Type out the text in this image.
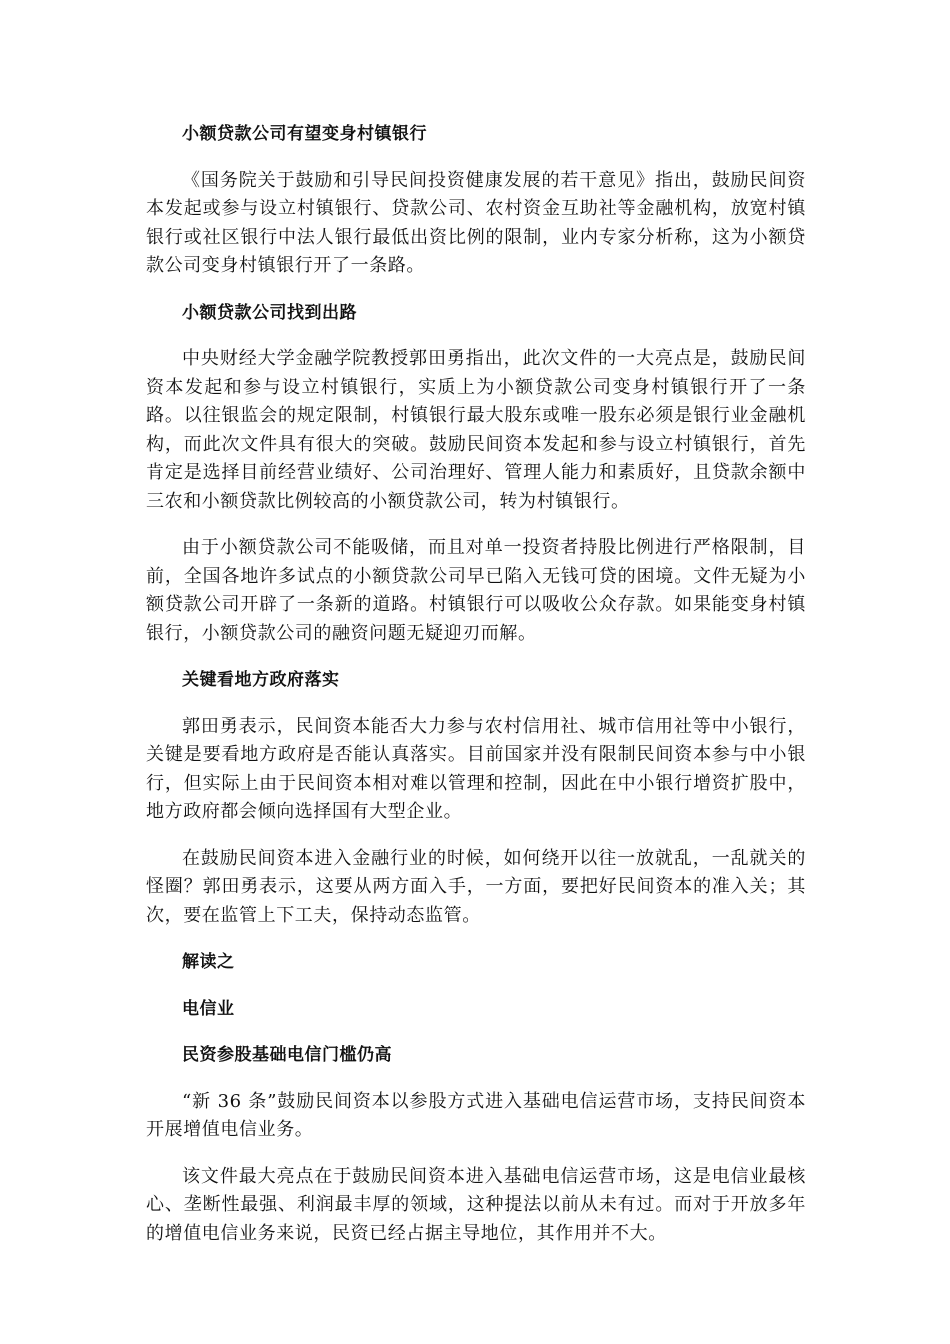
小额贷款公司有望变身村镇银行
《国务院关于鼓励和引导民间投资健康发展的若干意见》指出，鼓励民间资本发起或参与设立村镇银行、贷款公司、农村资金互助社等金融机构，放宽村镇银行或社区银行中法人银行最低出资比例的限制，业内专家分析称，这为小额贷款公司变身村镇银行开了一条路。
小额贷款公司找到出路
中央财经大学金融学院教授郭田勇指出，此次文件的一大亮点是，鼓励民间资本发起和参与设立村镇银行，实质上为小额贷款公司变身村镇银行开了一条路。以往银监会的规定限制，村镇银行最大股东或唯一股东必须是银行业金融机构，而此次文件具有很大的突破。鼓励民间资本发起和参与设立村镇银行，首先肯定是选择目前经营业绩好、公司治理好、管理人能力和素质好，且贷款余额中三农和小额贷款比例较高的小额贷款公司，转为村镇银行。
由于小额贷款公司不能吸储，而且对单一投资者持股比例进行严格限制，目前，全国各地许多试点的小额贷款公司早已陷入无钱可贷的困境。文件无疑为小额贷款公司开辟了一条新的道路。村镇银行可以吸收公众存款。如果能变身村镇银行，小额贷款公司的融资问题无疑迎刃而解。
关键看地方政府落实
郭田勇表示，民间资本能否大力参与农村信用社、城市信用社等中小银行，关键是要看地方政府是否能认真落实。目前国家并没有限制民间资本参与中小银行，但实际上由于民间资本相对难以管理和控制，因此在中小银行增资扩股中，地方政府都会倾向选择国有大型企业。
在鼓励民间资本进入金融行业的时候，如何绕开以往一放就乱，一乱就关的怪圈？郭田勇表示，这要从两方面入手，一方面，要把好民间资本的准入关；其次，要在监管上下工夫，保持动态监管。
解读之
电信业
民资参股基础电信门槛仍高
“新 36 条”鼓励民间资本以参股方式进入基础电信运营市场，支持民间资本开展增值电信业务。
该文件最大亮点在于鼓励民间资本进入基础电信运营市场，这是电信业最核心、垄断性最强、利润最丰厚的领域，这种提法以前从未有过。而对于开放多年的增值电信业务来说，民资已经占据主导地位，其作用并不大。
